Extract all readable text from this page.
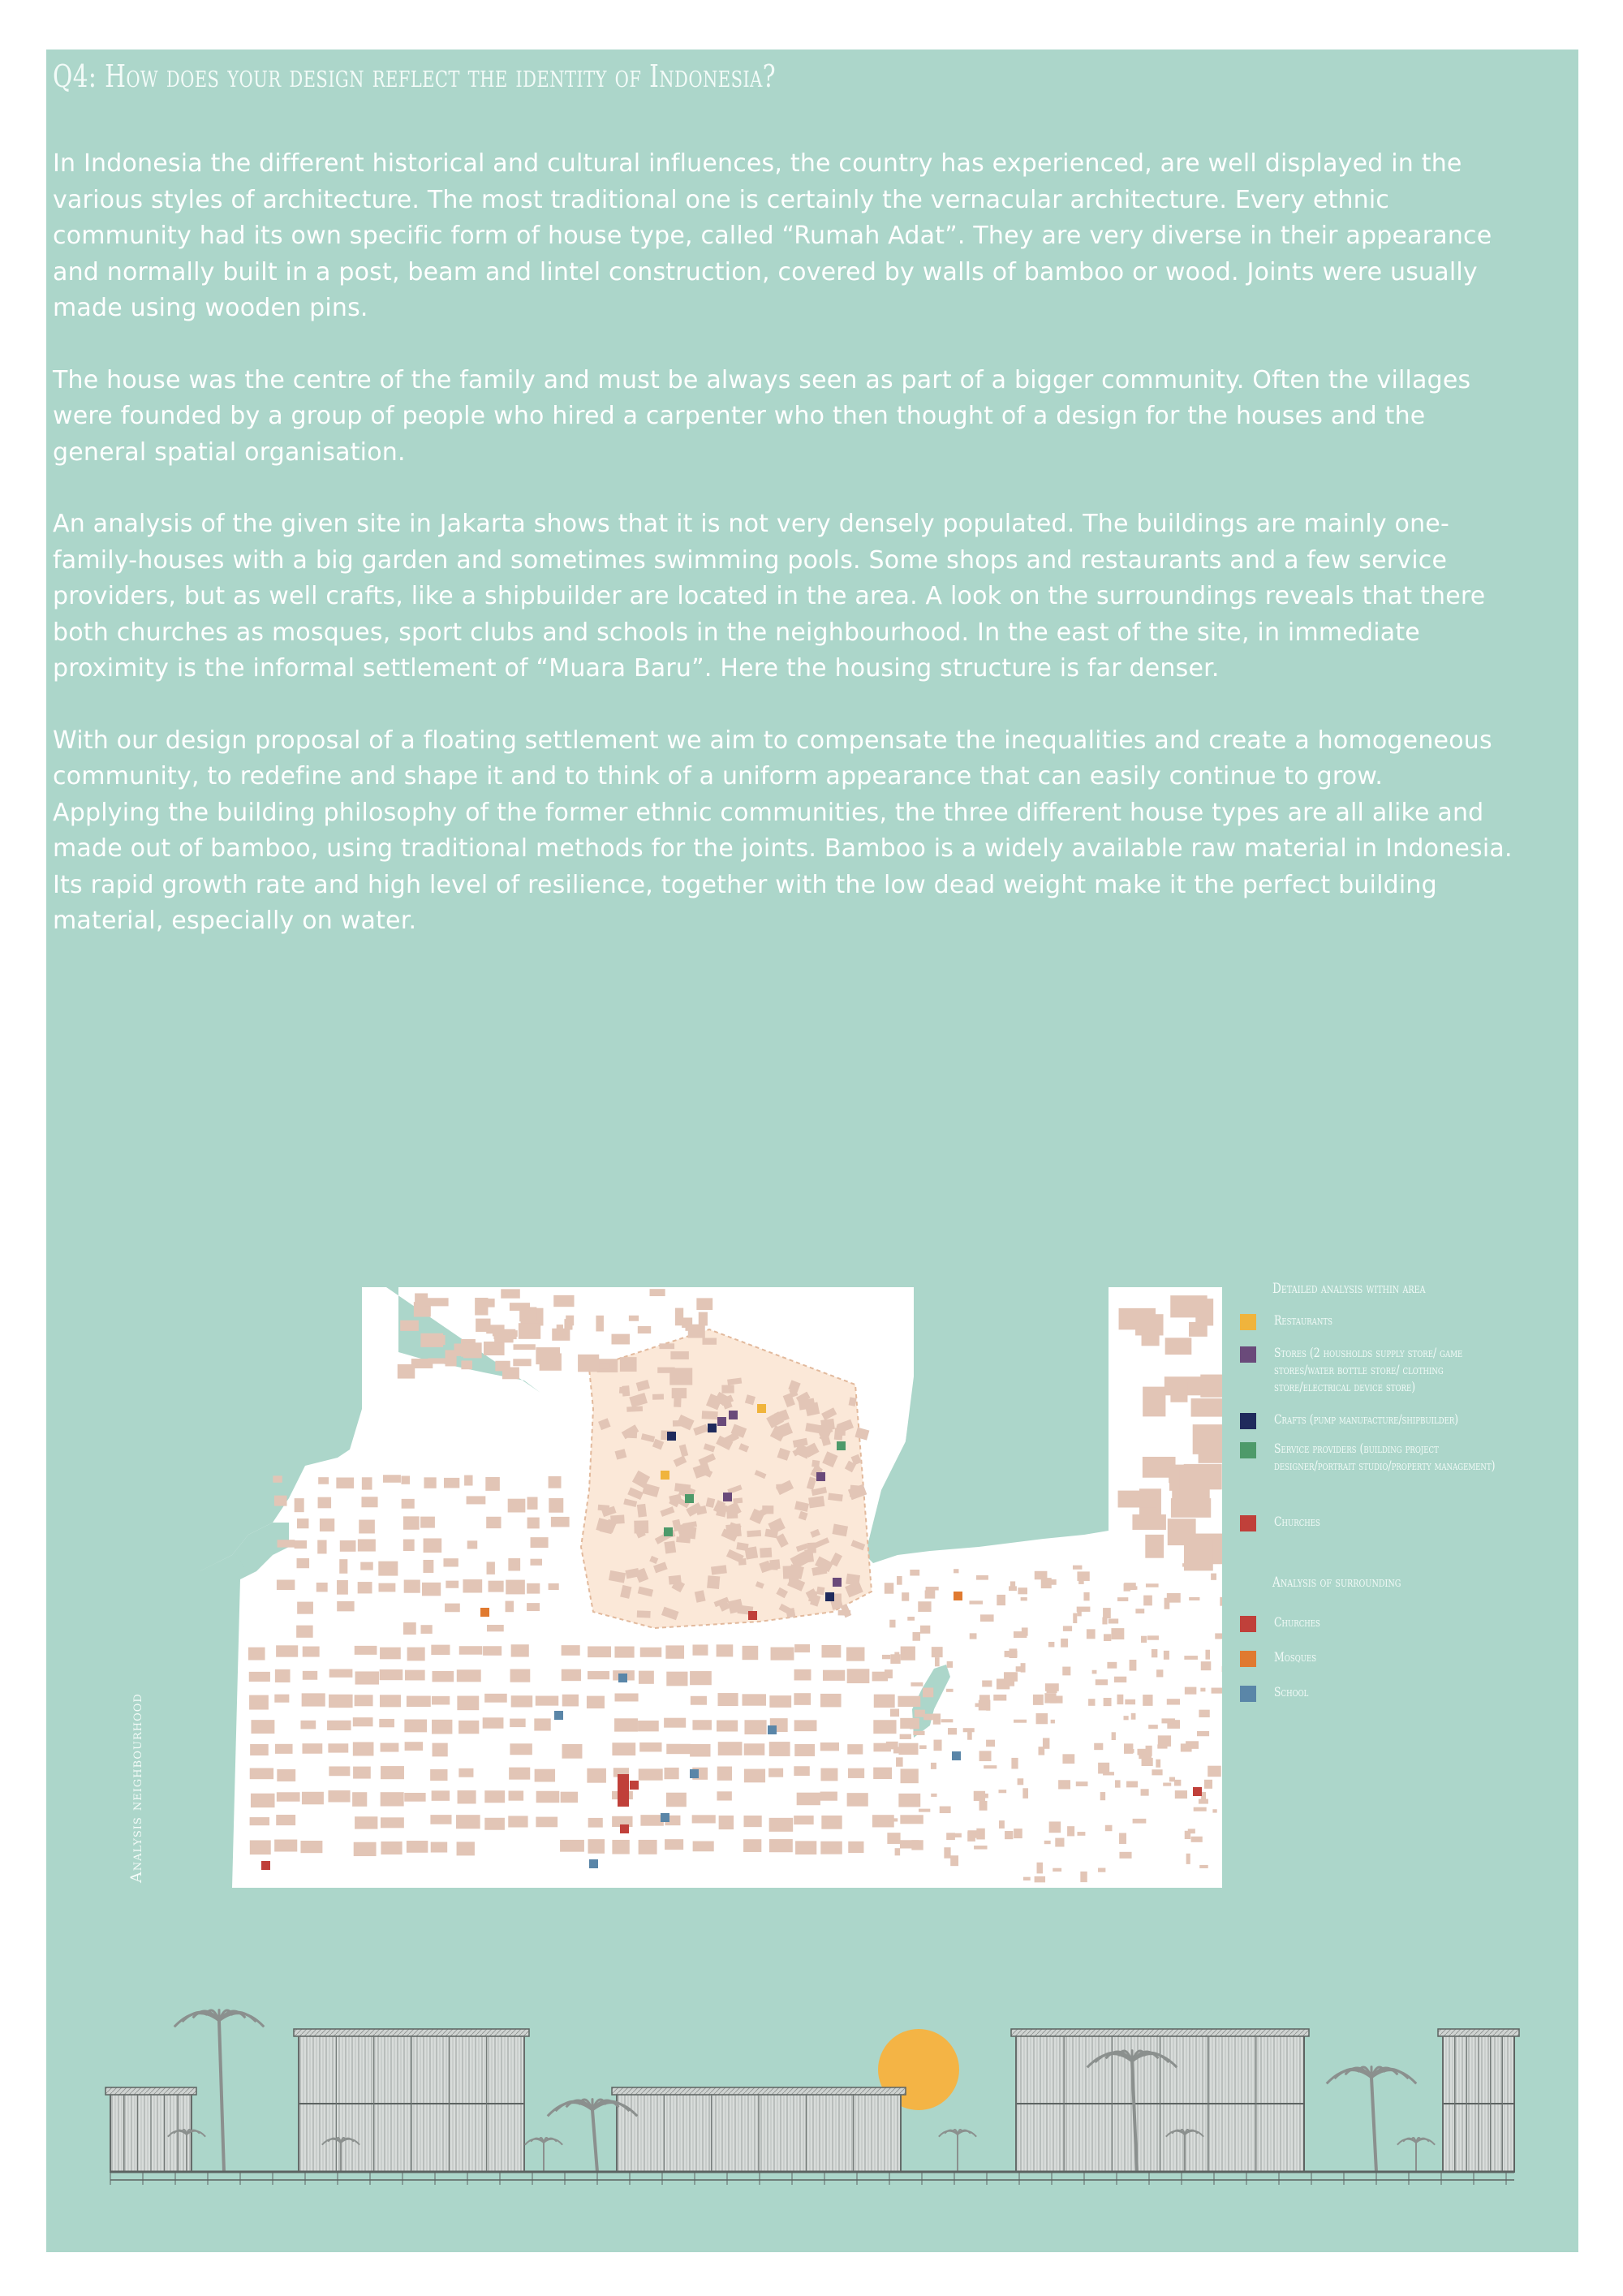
Q4: How does your design reflect the identity of Indonesia?

In Indonesia the different historical and cultural influences, the country has experienced, are well displayed in the various styles of architecture. The most traditional one is certainly the vernacular architecture. Every ethnic community had its own specific form of house type, called “Rumah Adat”. They are very diverse in their appearance and normally built in a post, beam and lintel construction, covered by walls of bamboo or wood. Joints were usually made using wooden pins.

The house was the centre of the family and must be always seen as part of a bigger community. Often the villages were founded by a group of people who hired a carpenter who then thought of a design for the houses and the general spatial organisation.

An analysis of the given site in Jakarta shows that it is not very densely populated. The buildings are mainly one-family-houses with a big garden and sometimes swimming pools. Some shops and restaurants and a few service providers, but as well crafts, like a shipbuilder are located in the area. A look on the surroundings reveals that there both churches as mosques, sport clubs and schools in the neighbourhood. In the east of the site, in immediate proximity is the informal settlement of “Muara Baru”. Here the housing structure is far denser.

With our design proposal of a floating settlement we aim to compensate the inequalities and create a homogeneous community, to redefine and shape it and to think of a uniform appearance that can easily continue to grow.

Applying the building philosophy of the former ethnic communities, the three different house types are all alike and made out of bamboo, using traditional methods for the joints. Bamboo is a widely available raw material in Indonesia.

Its rapid growth rate and high level of resilience, together with the low dead weight make it the perfect building material, especially on water.

Detailed analysis within area
Restaurants
Stores (2 housholds supply store/ game stores/water bottle store/ clothing store/electrical device store)
Crafts (pump manufacture/shipbuilder)
Service providers (building project designer/portrait studio/property management)
Churches
Analysis of surrounding
Churches
Mosques
School
Analysis neighbourhood
